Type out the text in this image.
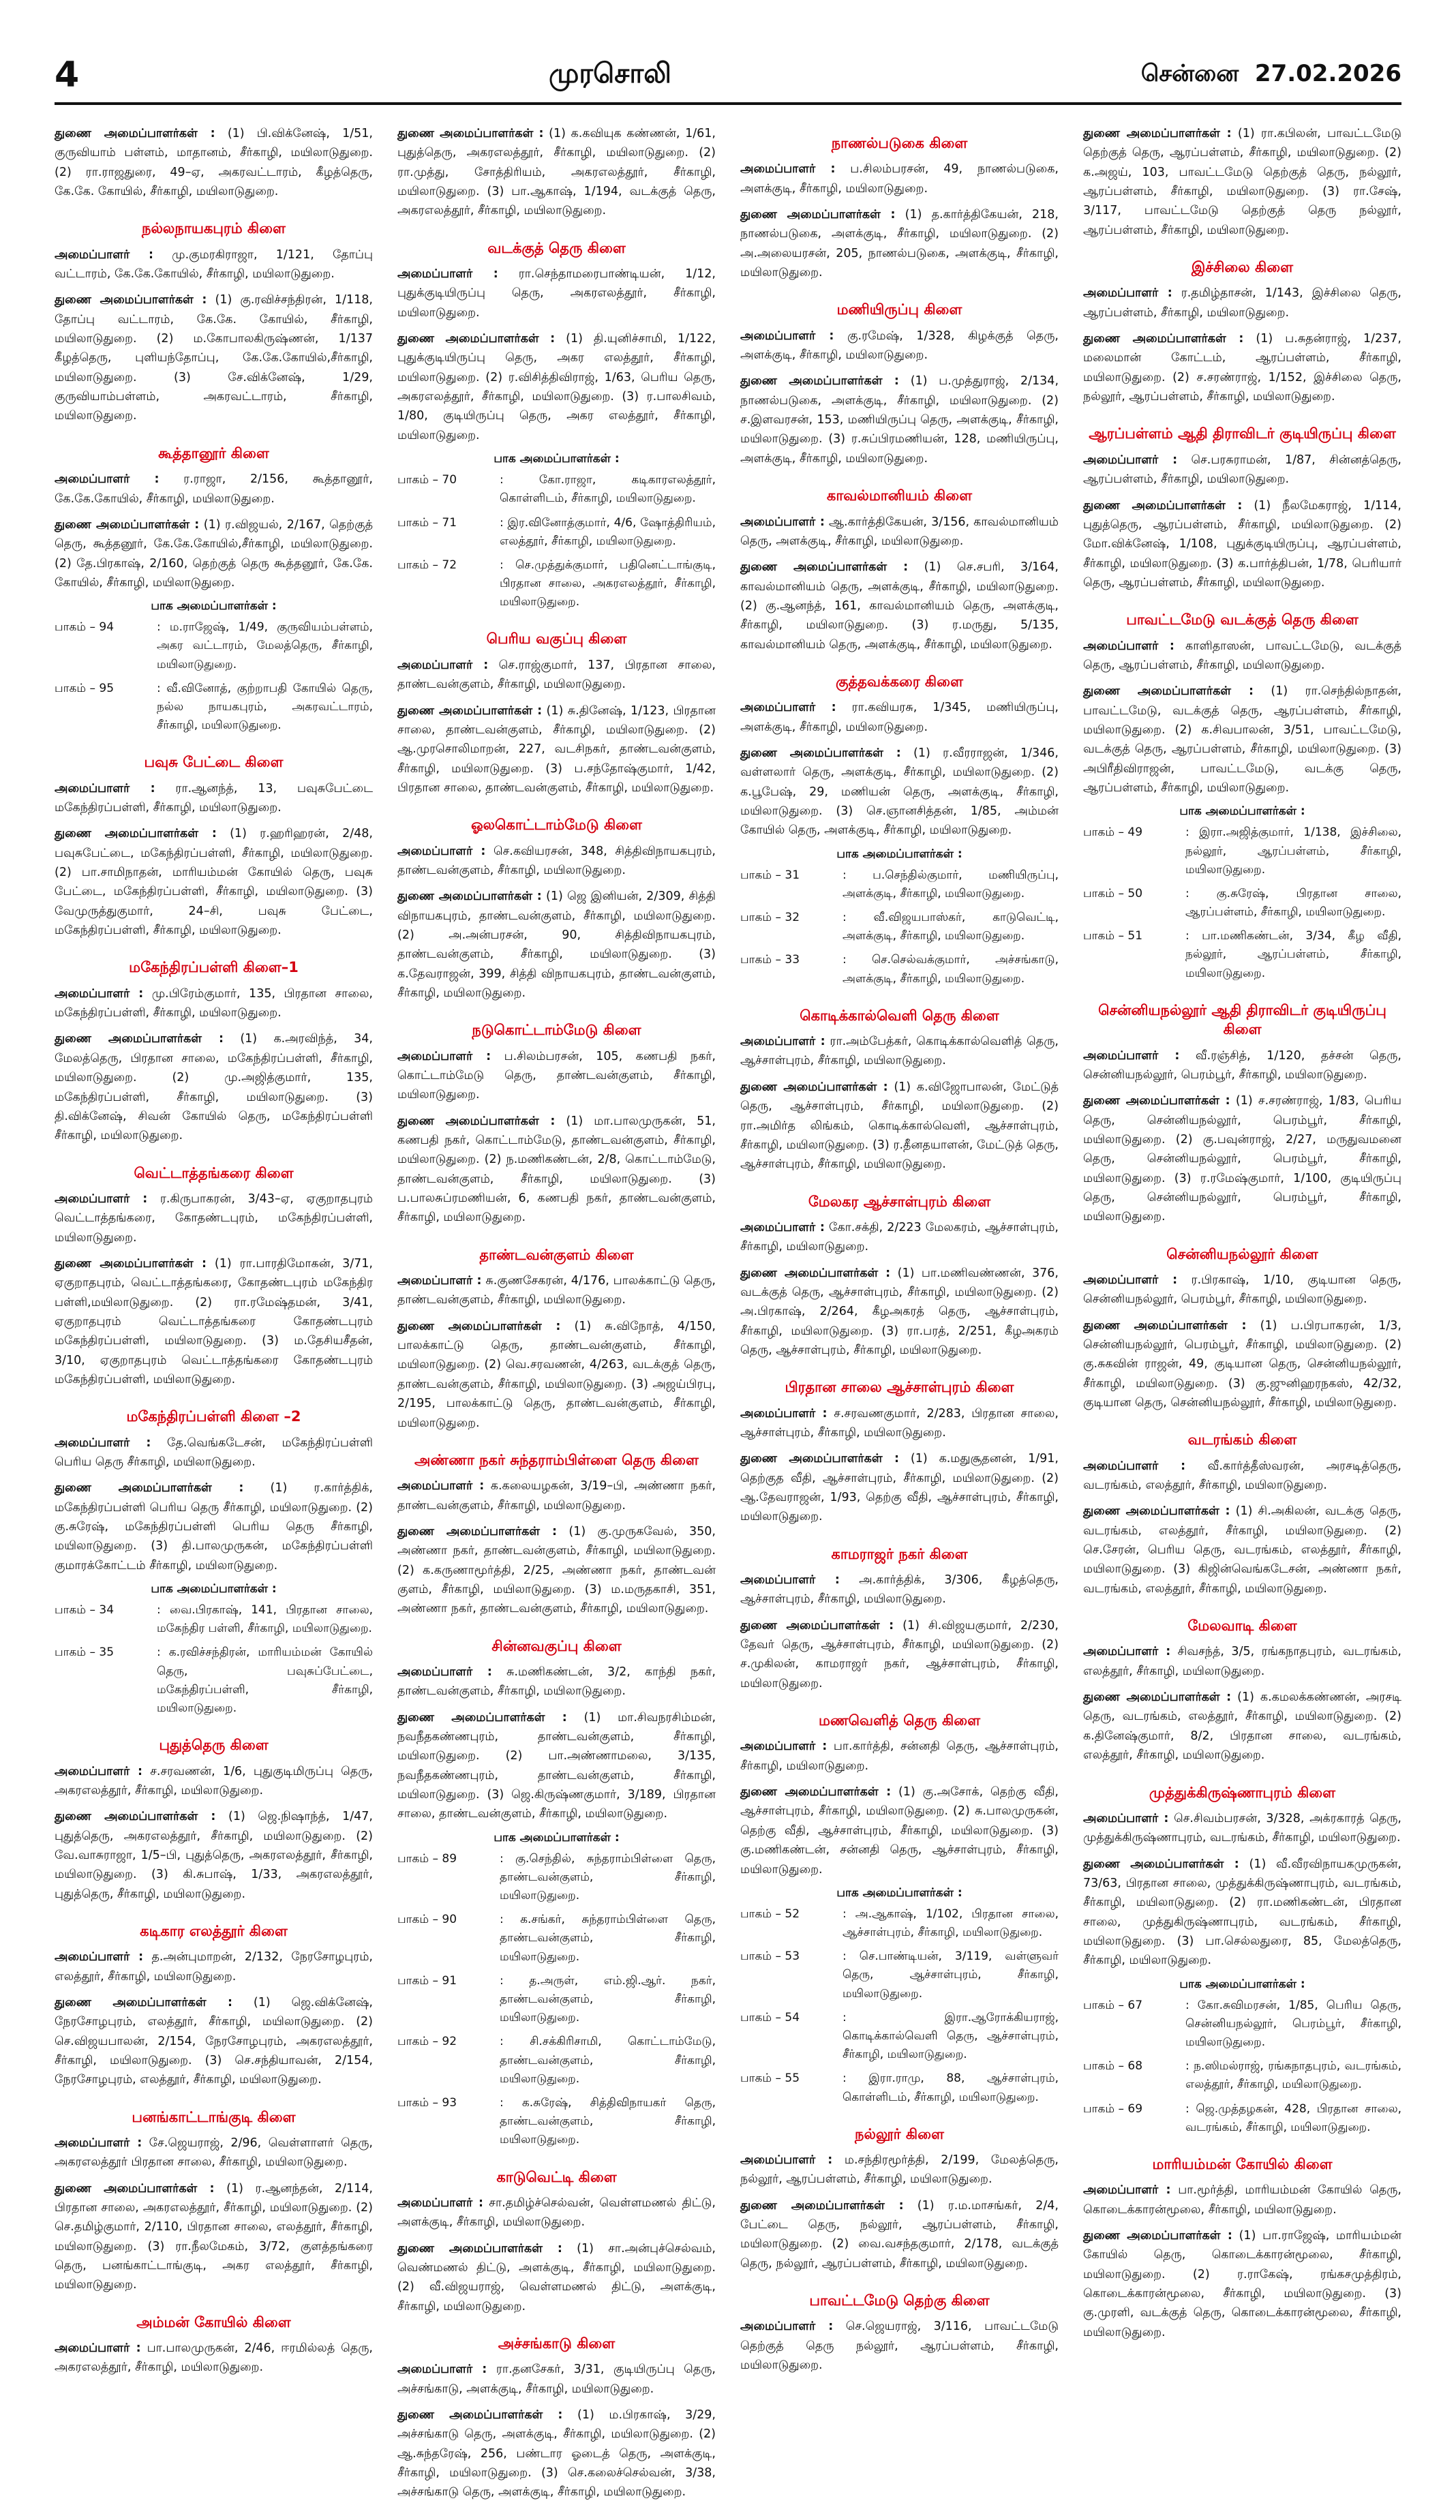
4	முரசொலி	சென்னை 27.02.2026
துணை அமைப்பாளர்கள் : (1) பி.விக்னேஷ், 1/51, குருவியாம் பள்ளம், மாதானம், சீர்காழி, மயிலாடுதுறை. (2) ரா.ராஜதுரை, 49–ஏ, அகரவட்டாரம், கீழத்தெரு, கே.கே. கோயில், சீர்காழி, மயிலாடுதுறை.
நல்லநாயகபுரம் கிளை
அமைப்பாளர் : மு.குமரகிராஜா, 1/121, தோப்பு வட்டாரம், கே.கே.கோயில், சீர்காழி, மயிலாடுதுறை.
துணை அமைப்பாளர்கள் : (1) கு.ரவிச்சந்திரன், 1/118, தோப்பு வட்டாரம், கே.கே. கோயில், சீர்காழி, மயிலாடுதுறை. (2) ம.கோபாலகிருஷ்ணன், 1/137 கீழத்தெரு, புளியந்தோப்பு, கே.கே.கோயில்,சீர்காழி, மயிலாடுதுறை. (3) சே.விக்னேஷ், 1/29, குருவியாம்பள்ளம், அகரவட்டாரம், சீர்காழி, மயிலாடுதுறை.
கூத்தானூர் கிளை
அமைப்பாளர் : ர.ராஜா, 2/156, கூத்தானூர், கே.கே.கோயில், சீர்காழி, மயிலாடுதுறை.
துணை அமைப்பாளர்கள் : (1) ர.விஜயல், 2/167, தெற்குத் தெரு, கூத்தனூர், கே.கே.கோயில்,சீர்காழி, மயிலாடுதுறை. (2) தே.பிரகாஷ், 2/160, தெற்குத் தெரு கூத்தனூர், கே.கே. கோயில், சீர்காழி, மயிலாடுதுறை.
பாக அமைப்பாளர்கள் :
பாகம் – 94	: ம.ராஜேஷ், 1/49, குருவியம்பள்ளம், அகர வட்டாரம், மேலத்தெரு, சீர்காழி, மயிலாடுதுறை.
பாகம் – 95	: வீ.வினோத், குற்றாபதி கோயில் தெரு, நல்ல நாயகபுரம், அகரவட்டாரம், சீர்காழி, மயிலாடுதுறை.
பவுசு பேட்டை கிளை
அமைப்பாளர் : ரா.ஆனந்த், 13, பவுசுபேட்டை மகேந்திரப்பள்ளி, சீர்காழி, மயிலாடுதுறை.
துணை அமைப்பாளர்கள் : (1) ர.ஹரிஹரன், 2/48, பவுசுபேட்டை, மகேந்திரப்பள்ளி, சீர்காழி, மயிலாடுதுறை. (2) பா.சாமிநாதன், மாரியம்மன் கோயில் தெரு, பவுசு பேட்டை, மகேந்திரப்பள்ளி, சீர்காழி, மயிலாடுதுறை. (3) வேமுருத்துகுமார், 24–சி, பவுசு பேட்டை, மகேந்திரப்பள்ளி, சீர்காழி, மயிலாடுதுறை.
மகேந்திரப்பள்ளி கிளை–1
அமைப்பாளர் : மு.பிரேம்குமார், 135, பிரதான சாலை, மகேந்திரப்பள்ளி, சீர்காழி, மயிலாடுதுறை.
துணை அமைப்பாளர்கள் : (1) க.அரவிந்த், 34, மேலத்தெரு, பிரதான சாலை, மகேந்திரப்பள்ளி, சீர்காழி, மயிலாடுதுறை. (2) மு.அஜித்குமார், 135, மகேந்திரப்பள்ளி, சீர்காழி, மயிலாடுதுறை. (3) தி.விக்னேஷ், சிவன் கோயில் தெரு, மகேந்திரப்பள்ளி சீர்காழி, மயிலாடுதுறை.
வெட்டாத்தங்கரை கிளை
அமைப்பாளர் : ர.கிருபாகரன், 3/43–ஏ, ஏகுறாதபுரம் வெட்டாத்தங்கரை, கோதண்டபுரம், மகேந்திரப்பள்ளி, மயிலாடுதுறை.
துணை அமைப்பாளர்கள் : (1) ரா.பாரதிமோகன், 3/71, ஏகுறாதபுரம், வெட்டாத்தங்கரை, கோதண்டபுரம் மகேந்திர பள்ளி,மயிலாடுதுறை. (2) ரா.ரமேஷ்தமன், 3/41, ஏகுறாதபுரம் வெட்டாத்தங்கரை கோதண்டபுரம் மகேந்திரப்பள்ளி, மயிலாடுதுறை. (3) ம.தேசியசீதன், 3/10, ஏகுறாதபுரம் வெட்டாத்தங்கரை கோதண்டபுரம் மகேந்திரப்பள்ளி, மயிலாடுதுறை.
மகேந்திரப்பள்ளி கிளை –2
அமைப்பாளர் : தே.வெங்கடேசன், மகேந்திரப்பள்ளி பெரிய தெரு சீர்காழி, மயிலாடுதுறை.
துணை அமைப்பாளர்கள் : (1) ர.கார்த்திக், மகேந்திரப்பள்ளி பெரிய தெரு சீர்காழி, மயிலாடுதுறை. (2) கு.சுரேஷ், மகேந்திரப்பள்ளி பெரிய தெரு சீர்காழி, மயிலாடுதுறை. (3) தி.பாலமுருகன், மகேந்திரப்பள்ளி குமாரக்கோட்டம் சீர்காழி, மயிலாடுதுறை.
பாக அமைப்பாளர்கள் :
பாகம் – 34	: வை.பிரகாஷ், 141, பிரதான சாலை, மகேந்திர பள்ளி, சீர்காழி, மயிலாடுதுறை.
பாகம் – 35	: க.ரவிச்சந்திரன், மாரியம்மன் கோயில் தெரு, பவுசுப்பேட்டை, மகேந்திரப்பள்ளி, சீர்காழி, மயிலாடுதுறை.
புதுத்தெரு கிளை
அமைப்பாளர் : ச.சரவணன், 1/6, புதுகுடிமிருப்பு தெரு, அகரஎலத்தூர், சீர்காழி, மயிலாடுதுறை.
துணை அமைப்பாளர்கள் : (1) ஜெ.நிஷாந்த், 1/47, புதுத்தெரு, அகரஎலத்தூர், சீர்காழி, மயிலாடுதுறை. (2) வே.வாசுராஜா, 1/5–பி, புதுத்தெரு, அகரஎலத்தூர், சீர்காழி, மயிலாடுதுறை. (3) கி.சுபாஷ், 1/33, அகரஎலத்தூர், புதுத்தெரு, சீர்காழி, மயிலாடுதுறை.
கடிகார எலத்தூர் கிளை
அமைப்பாளர் : த.அன்புமாறன், 2/132, நேரசோழபுரம், எலத்தூர், சீர்காழி, மயிலாடுதுறை.
துணை அமைப்பாளர்கள் : (1) ஜெ.விக்னேஷ், நேரசோழபுரம், எலத்தூர், சீர்காழி, மயிலாடுதுறை. (2) செ.விஜயபாலன், 2/154, நேரசோழபுரம், அகரஎலத்தூர், சீர்காழி, மயிலாடுதுறை. (3) செ.சந்தியாவன், 2/154, நேரசோழபுரம், எலத்தூர், சீர்காழி, மயிலாடுதுறை.
பனங்காட்டாங்குடி கிளை
அமைப்பாளர் : சே.ஜெயராஜ், 2/96, வெள்ளாளர் தெரு, அகரஎலத்தூர் பிரதான சாலை, சீர்காழி, மயிலாடுதுறை.
துணை அமைப்பாளர்கள் : (1) ர.ஆனந்தன், 2/114, பிரதான சாலை, அகரஎலத்தூர், சீர்காழி, மயிலாடுதுறை. (2) செ.தமிழ்குமார், 2/110, பிரதான சாலை, எலத்தூர், சீர்காழி, மயிலாடுதுறை. (3) ரா.நீலமேகம், 3/72, குளத்தங்கரை தெரு, பனங்காட்டாங்குடி, அகர எலத்தூர், சீர்காழி, மயிலாடுதுறை.
அம்மன் கோயில் கிளை
அமைப்பாளர் : பா.பாலமுருகன், 2/46, ஈரமில்லத் தெரு, அகரஎலத்தூர், சீர்காழி, மயிலாடுதுறை.
துணை அமைப்பாளர்கள் : (1) க.கவியுக கண்ணன், 1/61, புதுத்தெரு, அகரஎலத்தூர், சீர்காழி, மயிலாடுதுறை. (2) ரா.முத்து, சோத்திரியம், அகரஎலத்தூர், சீர்காழி, மயிலாடுதுறை. (3) பா.ஆகாஷ், 1/194, வடக்குத் தெரு, அகரஎலத்தூர், சீர்காழி, மயிலாடுதுறை.
வடக்குத் தெரு கிளை
அமைப்பாளர் : ரா.செந்தாமரைபாண்டியன், 1/12, புதுக்குடியிருப்பு தெரு, அகரஎலத்தூர், சீர்காழி, மயிலாடுதுறை.
துணை அமைப்பாளர்கள் : (1) தி.யுனிச்சாமி, 1/122, புதுக்குடியிருப்பு தெரு, அகர எலத்தூர், சீர்காழி, மயிலாடுதுறை. (2) ர.விசித்திவிராஜ், 1/63, பெரிய தெரு, அகரஎலத்தூர், சீர்காழி, மயிலாடுதுறை. (3) ர.பாலசிவம், 1/80, குடியிருப்பு தெரு, அகர எலத்தூர், சீர்காழி, மயிலாடுதுறை.
பாக அமைப்பாளர்கள் :
பாகம் – 70	: கோ.ராஜா, கடிகாரஎலத்தூர், கொள்ளிடம், சீர்காழி, மயிலாடுதுறை.
பாகம் – 71	: இர.வினோத்குமார், 4/6, ஷோத்திரியம், எலத்தூர், சீர்காழி, மயிலாடுதுறை.
பாகம் – 72	: செ.முத்துக்குமார், பதினெட்டாங்குடி, பிரதான சாலை, அகரஎலத்தூர், சீர்காழி, மயிலாடுதுறை.
பெரிய வகுப்பு கிளை
அமைப்பாளர் : செ.ராஜ்குமார், 137, பிரதான சாலை, தாண்டவன்குளம், சீர்காழி, மயிலாடுதுறை.
துணை அமைப்பாளர்கள் : (1) சு.தினேஷ், 1/123, பிரதான சாலை, தாண்டவன்குளம், சீர்காழி, மயிலாடுதுறை. (2) ஆ.முரசொலிமாறன், 227, வடசிநகர், தாண்டவன்குளம், சீர்காழி, மயிலாடுதுறை. (3) ப.சந்தோஷ்குமார், 1/42, பிரதான சாலை, தாண்டவன்குளம், சீர்காழி, மயிலாடுதுறை.
ஓலகொட்டாம்மேடு கிளை
அமைப்பாளர் : செ.கவியரசன், 348, சித்திவிநாயகபுரம், தாண்டவன்குளம், சீர்காழி, மயிலாடுதுறை.
துணை அமைப்பாளர்கள் : (1) ஜெ இனியன், 2/309, சித்தி விநாயகபுரம், தாண்டவன்குளம், சீர்காழி, மயிலாடுதுறை. (2) அ.அன்பரசன், 90, சித்திவிநாயகபுரம், தாண்டவன்குளம், சீர்காழி, மயிலாடுதுறை. (3) க.தேவராஜன், 399, சித்தி விநாயகபுரம், தாண்டவன்குளம், சீர்காழி, மயிலாடுதுறை.
நடுகொட்டாம்மேடு கிளை
அமைப்பாளர் : ப.சிலம்பரசன், 105, கணபதி நகர், கொட்டாம்மேடு தெரு, தாண்டவன்குளம், சீர்காழி, மயிலாடுதுறை.
துணை அமைப்பாளர்கள் : (1) மா.பாலமுருகன், 51, கணபதி நகர், கொட்டாம்மேடு, தாண்டவன்குளம், சீர்காழி, மயிலாடுதுறை. (2) ந.மணிகண்டன், 2/8, கொட்டாம்மேடு, தாண்டவன்குளம், சீர்காழி, மயிலாடுதுறை. (3) ப.பாலசுப்ரமணியன், 6, கணபதி நகர், தாண்டவன்குளம், சீர்காழி, மயிலாடுதுறை.
தாண்டவன்குளம் கிளை
அமைப்பாளர் : சு.குணசேகரன், 4/176, பாலக்காட்டு தெரு, தாண்டவன்குளம், சீர்காழி, மயிலாடுதுறை.
துணை அமைப்பாளர்கள் : (1) சு.விநோத், 4/150, பாலக்காட்டு தெரு, தாண்டவன்குளம், சீர்காழி, மயிலாடுதுறை. (2) வெ.சரவணன், 4/263, வடக்குத் தெரு, தாண்டவன்குளம், சீர்காழி, மயிலாடுதுறை. (3) அஜய்பிரபு, 2/195, பாலக்காட்டு தெரு, தாண்டவன்குளம், சீர்காழி, மயிலாடுதுறை.
அண்ணா நகர் சுந்தராம்பிள்ளை தெரு கிளை
அமைப்பாளர் : க.கலையழகன், 3/19–பி, அண்ணா நகர், தாண்டவன்குளம், சீர்காழி, மயிலாடுதுறை.
துணை அமைப்பாளர்கள் : (1) கு.முருகவேல், 350, அண்ணா நகர், தாண்டவன்குளம், சீர்காழி, மயிலாடுதுறை. (2) க.கருணாமூர்த்தி, 2/25, அண்ணா நகர், தாண்டவன் குளம், சீர்காழி, மயிலாடுதுறை. (3) ம.மருதகாசி, 351, அண்ணா நகர், தாண்டவன்குளம், சீர்காழி, மயிலாடுதுறை.
சின்னவகுப்பு கிளை
அமைப்பாளர் : சு.மணிகண்டன், 3/2, காந்தி நகர், தாண்டவன்குளம், சீர்காழி, மயிலாடுதுறை.
துணை அமைப்பாளர்கள் : (1) மா.சிவநரசிம்மன், நவநீதகண்ணபுரம், தாண்டவன்குளம், சீர்காழி, மயிலாடுதுறை. (2) பா.அண்ணாமலை, 3/135, நவநீதகண்ணபுரம், தாண்டவன்குளம், சீர்காழி, மயிலாடுதுறை. (3) ஜெ.கிருஷ்ணகுமார், 3/189, பிரதான சாலை, தாண்டவன்குளம், சீர்காழி, மயிலாடுதுறை.
பாக அமைப்பாளர்கள் :
பாகம் – 89	: கு.செந்தில், சுந்தராம்பிள்ளை தெரு, தாண்டவன்குளம், சீர்காழி, மயிலாடுதுறை.
பாகம் – 90	: க.சங்கர், சுந்தராம்பிள்ளை தெரு, தாண்டவன்குளம், சீர்காழி, மயிலாடுதுறை.
பாகம் – 91	: த.அருள், எம்.ஜி.ஆர். நகர், தாண்டவன்குளம், சீர்காழி, மயிலாடுதுறை.
பாகம் – 92	: சி.சக்கிரிசாமி, கொட்டாம்மேடு, தாண்டவன்குளம், சீர்காழி, மயிலாடுதுறை.
பாகம் – 93	: க.சுரேஷ், சித்திவிநாயகர் தெரு, தாண்டவன்குளம், சீர்காழி, மயிலாடுதுறை.
காடுவெட்டி கிளை
அமைப்பாளர் : சா.தமிழ்ச்செல்வன், வெள்ளமணல் திட்டு, அளக்குடி, சீர்காழி, மயிலாடுதுறை.
துணை அமைப்பாளர்கள் : (1) சா.அன்புச்செல்வம், வெண்மணல் திட்டு, அளக்குடி, சீர்காழி, மயிலாடுதுறை. (2) வீ.விஜயராஜ், வெள்ளமணல் திட்டு, அளக்குடி, சீர்காழி, மயிலாடுதுறை.
அச்சங்காடு கிளை
அமைப்பாளர் : ரா.தனசேகர், 3/31, குடியிருப்பு தெரு, அச்சங்காடு, அளக்குடி, சீர்காழி, மயிலாடுதுறை.
துணை அமைப்பாளர்கள் : (1) ம.பிரகாஷ், 3/29, அச்சங்காடு தெரு, அளக்குடி, சீர்காழி, மயிலாடுதுறை. (2) ஆ.சுந்தரேஷ், 256, பண்டார ஓடைத் தெரு, அளக்குடி, சீர்காழி, மயிலாடுதுறை. (3) செ.கலைச்செல்வன், 3/38, அச்சங்காடு தெரு, அளக்குடி, சீர்காழி, மயிலாடுதுறை.
நாணல்படுகை கிளை
அமைப்பாளர் : ப.சிலம்பரசன், 49, நாணல்படுகை, அளக்குடி, சீர்காழி, மயிலாடுதுறை.
துணை அமைப்பாளர்கள் : (1) த.கார்த்திகேயன், 218, நாணல்படுகை, அளக்குடி, சீர்காழி, மயிலாடுதுறை. (2) அ.அலையரசன், 205, நாணல்படுகை, அளக்குடி, சீர்காழி, மயிலாடுதுறை.
மணியிருப்பு கிளை
அமைப்பாளர் : கு.ரமேஷ், 1/328, கிழக்குத் தெரு, அளக்குடி, சீர்காழி, மயிலாடுதுறை.
துணை அமைப்பாளர்கள் : (1) ப.முத்துராஜ், 2/134, நாணல்படுகை, அளக்குடி, சீர்காழி, மயிலாடுதுறை. (2) ச.இளவரசன், 153, மணியிருப்பு தெரு, அளக்குடி, சீர்காழி, மயிலாடுதுறை. (3) ர.சுப்பிரமணியன், 128, மணியிருப்பு, அளக்குடி, சீர்காழி, மயிலாடுதுறை.
காவல்மானியம் கிளை
அமைப்பாளர் : ஆ.கார்த்திகேயன், 3/156, காவல்மானியம் தெரு, அளக்குடி, சீர்காழி, மயிலாடுதுறை.
துணை அமைப்பாளர்கள் : (1) செ.சபரி, 3/164, காவல்மானியம் தெரு, அளக்குடி, சீர்காழி, மயிலாடுதுறை. (2) கு.ஆனந்த், 161, காவல்மானியம் தெரு, அளக்குடி, சீர்காழி, மயிலாடுதுறை. (3) ர.மருது, 5/135, காவல்மானியம் தெரு, அளக்குடி, சீர்காழி, மயிலாடுதுறை.
குத்தவக்கரை கிளை
அமைப்பாளர் : ரா.கவியரசு, 1/345, மணியிருப்பு, அளக்குடி, சீர்காழி, மயிலாடுதுறை.
துணை அமைப்பாளர்கள் : (1) ர.வீரராஜன், 1/346, வள்ளலார் தெரு, அளக்குடி, சீர்காழி, மயிலாடுதுறை. (2) க.பூபேஷ், 29, மணியன் தெரு, அளக்குடி, சீர்காழி, மயிலாடுதுறை. (3) செ.ஞானசித்தன், 1/85, அம்மன் கோயில் தெரு, அளக்குடி, சீர்காழி, மயிலாடுதுறை.
பாக அமைப்பாளர்கள் :
பாகம் – 31	: ப.செந்தில்குமார், மணியிருப்பு, அளக்குடி, சீர்காழி, மயிலாடுதுறை.
பாகம் – 32	: வீ.விஜயபாஸ்கர், காடுவெட்டி, அளக்குடி, சீர்காழி, மயிலாடுதுறை.
பாகம் – 33	: செ.செல்வக்குமார், அச்சங்காடு, அளக்குடி, சீர்காழி, மயிலாடுதுறை.
கொடிக்கால்வெளி தெரு கிளை
அமைப்பாளர் : ரா.அம்பேத்கர், கொடிக்கால்வெளித் தெரு, ஆச்சாள்புரம், சீர்காழி, மயிலாடுதுறை.
துணை அமைப்பாளர்கள் : (1) க.விஜோபாலன், மேட்டுத் தெரு, ஆச்சாள்புரம், சீர்காழி, மயிலாடுதுறை. (2) ரா.அமிர்த லிங்கம், கொடிக்கால்வெளி, ஆச்சாள்புரம், சீர்காழி, மயிலாடுதுறை. (3) ர.தீனதயாளன், மேட்டுத் தெரு, ஆச்சாள்புரம், சீர்காழி, மயிலாடுதுறை.
மேலகர ஆச்சாள்புரம் கிளை
அமைப்பாளர் : கோ.சக்தி, 2/223 மேலகரம், ஆச்சாள்புரம், சீர்காழி, மயிலாடுதுறை.
துணை அமைப்பாளர்கள் : (1) பா.மணிவண்ணன், 376, வடக்குத் தெரு, ஆச்சாள்புரம், சீர்காழி, மயிலாடுதுறை. (2) அ.பிரகாஷ், 2/264, கீழஅகரத் தெரு, ஆச்சாள்புரம், சீர்காழி, மயிலாடுதுறை. (3) ரா.பரத், 2/251, கீழஅகரம் தெரு, ஆச்சாள்புரம், சீர்காழி, மயிலாடுதுறை.
பிரதான சாலை ஆச்சாள்புரம் கிளை
அமைப்பாளர் : ச.சரவணகுமார், 2/283, பிரதான சாலை, ஆச்சாள்புரம், சீர்காழி, மயிலாடுதுறை.
துணை அமைப்பாளர்கள் : (1) க.மதுசூதனன், 1/91, தெற்குத வீதி, ஆச்சாள்புரம், சீர்காழி, மயிலாடுதுறை. (2) ஆ.தேவராஜன், 1/93, தெற்கு வீதி, ஆச்சாள்புரம், சீர்காழி, மயிலாடுதுறை.
காமராஜர் நகர் கிளை
அமைப்பாளர் : அ.கார்த்திக், 3/306, கீழத்தெரு, ஆச்சாள்புரம், சீர்காழி, மயிலாடுதுறை.
துணை அமைப்பாளர்கள் : (1) சி.விஜயகுமார், 2/230, தேவர் தெரு, ஆச்சாள்புரம், சீர்காழி, மயிலாடுதுறை. (2) ச.முகிலன், காமராஜர் நகர், ஆச்சாள்புரம், சீர்காழி, மயிலாடுதுறை.
மணவெளித் தெரு கிளை
அமைப்பாளர் : பா.கார்த்தி, சன்னதி தெரு, ஆச்சாள்புரம், சீர்காழி, மயிலாடுதுறை.
துணை அமைப்பாளர்கள் : (1) கு.அசோக், தெற்கு வீதி, ஆச்சாள்புரம், சீர்காழி, மயிலாடுதுறை. (2) சு.பாலமுருகன், தெற்கு வீதி, ஆச்சாள்புரம், சீர்காழி, மயிலாடுதுறை. (3) கு.மணிகண்டன், சன்னதி தெரு, ஆச்சாள்புரம், சீர்காழி, மயிலாடுதுறை.
பாக அமைப்பாளர்கள் :
பாகம் – 52	: அ.ஆகாஷ், 1/102, பிரதான சாலை, ஆச்சாள்புரம், சீர்காழி, மயிலாடுதுறை.
பாகம் – 53	: செ.பாண்டியன், 3/119, வள்ளுவர் தெரு, ஆச்சாள்புரம், சீர்காழி, மயிலாடுதுறை.
பாகம் – 54	: இரா.ஆரோக்கியராஜ், கொடிக்கால்வெளி தெரு, ஆச்சாள்புரம், சீர்காழி, மயிலாடுதுறை.
பாகம் – 55	: இரா.ராமு, 88, ஆச்சாள்புரம், கொள்ளிடம், சீர்காழி, மயிலாடுதுறை.
நல்லூர் கிளை
அமைப்பாளர் : ம.சந்திரமூர்த்தி, 2/199, மேலத்தெரு, நல்லூர், ஆரப்பள்ளம், சீர்காழி, மயிலாடுதுறை.
துணை அமைப்பாளர்கள் : (1) ர.ம.மாசங்கர், 2/4, பேட்டை தெரு, நல்லூர், ஆரப்பள்ளம், சீர்காழி, மயிலாடுதுறை. (2) வை.வசந்தகுமார், 2/178, வடக்குத் தெரு, நல்லூர், ஆரப்பள்ளம், சீர்காழி, மயிலாடுதுறை.
பாவட்டமேடு தெற்கு கிளை
அமைப்பாளர் : செ.ஜெயராஜ், 3/116, பாவட்டமேடு தெற்குத் தெரு நல்லூர், ஆரப்பள்ளம், சீர்காழி, மயிலாடுதுறை.
துணை அமைப்பாளர்கள் : (1) ரா.கபிலன், பாவட்டமேடு தெற்குத் தெரு, ஆரப்பள்ளம், சீர்காழி, மயிலாடுதுறை. (2) க.அஜய், 103, பாவட்டமேடு தெற்குத் தெரு, நல்லூர், ஆரப்பள்ளம், சீர்காழி, மயிலாடுதுறை. (3) ரா.சேஷ், 3/117, பாவட்டமேடு தெற்குத் தெரு நல்லூர், ஆரப்பள்ளம், சீர்காழி, மயிலாடுதுறை.
இச்சிலை கிளை
அமைப்பாளர் : ர.தமிழ்தாசன், 1/143, இச்சிலை தெரு, ஆரப்பள்ளம், சீர்காழி, மயிலாடுதுறை.
துணை அமைப்பாளர்கள் : (1) ப.சுதன்ராஜ், 1/237, மலைமான் கோட்டம், ஆரப்பள்ளம், சீர்காழி, மயிலாடுதுறை. (2) ச.சரண்ராஜ், 1/152, இச்சிலை தெரு, நல்லூர், ஆரப்பள்ளம், சீர்காழி, மயிலாடுதுறை.
ஆரப்பள்ளம் ஆதி திராவிடர் குடியிருப்பு கிளை
அமைப்பாளர் : செ.பரசுராமன், 1/87, சின்னத்தெரு, ஆரப்பள்ளம், சீர்காழி, மயிலாடுதுறை.
துணை அமைப்பாளர்கள் : (1) நீலமேகராஜ், 1/114, புதுத்தெரு, ஆரப்பள்ளம், சீர்காழி, மயிலாடுதுறை. (2) மோ.விக்னேஷ், 1/108, புதுக்குடியிருப்பு, ஆரப்பள்ளம், சீர்காழி, மயிலாடுதுறை. (3) க.பார்த்திபன், 1/78, பெரியார் தெரு, ஆரப்பள்ளம், சீர்காழி, மயிலாடுதுறை.
பாவட்டமேடு வடக்குத் தெரு கிளை
அமைப்பாளர் : காளிதாஸன், பாவட்டமேடு, வடக்குத் தெரு, ஆரப்பள்ளம், சீர்காழி, மயிலாடுதுறை.
துணை அமைப்பாளர்கள் : (1) ரா.செந்தில்நாதன், பாவட்டமேடு, வடக்குத் தெரு, ஆரப்பள்ளம், சீர்காழி, மயிலாடுதுறை. (2) க.சிவபாலன், 3/51, பாவட்டமேடு, வடக்குத் தெரு, ஆரப்பள்ளம், சீர்காழி, மயிலாடுதுறை. (3) அபிரீதிவிராஜன், பாவட்டமேடு, வடக்கு தெரு, ஆரப்பள்ளம், சீர்காழி, மயிலாடுதுறை.
பாக அமைப்பாளர்கள் :
பாகம் – 49	: இரா.அஜித்குமார், 1/138, இச்சிலை, நல்லூர், ஆரப்பள்ளம், சீர்காழி, மயிலாடுதுறை.
பாகம் – 50	: கு.சுரேஷ், பிரதான சாலை, ஆரப்பள்ளம், சீர்காழி, மயிலாடுதுறை.
பாகம் – 51	: பா.மணிகண்டன், 3/34, கீழ வீதி, நல்லூர், ஆரப்பள்ளம், சீர்காழி, மயிலாடுதுறை.
சென்னியநல்லூர் ஆதி திராவிடர் குடியிருப்பு கிளை
அமைப்பாளர் : வீ.ரஞ்சித், 1/120, தச்சன் தெரு, சென்னியநல்லூர், பெரம்பூர், சீர்காழி, மயிலாடுதுறை.
துணை அமைப்பாளர்கள் : (1) ச.சரண்ராஜ், 1/83, பெரிய தெரு, சென்னியநல்லூர், பெரம்பூர், சீர்காழி, மயிலாடுதுறை. (2) கு.பவுன்ராஜ், 2/27, மருதுவமனை தெரு, சென்னியநல்லூர், பெரம்பூர், சீர்காழி, மயிலாடுதுறை. (3) ர.ரமேஷ்குமார், 1/100, குடியிருப்பு தெரு, சென்னியநல்லூர், பெரம்பூர், சீர்காழி, மயிலாடுதுறை.
சென்னியநல்லூர் கிளை
அமைப்பாளர் : ர.பிரகாஷ், 1/10, குடியான தெரு, சென்னியநல்லூர், பெரம்பூர், சீர்காழி, மயிலாடுதுறை.
துணை அமைப்பாளர்கள் : (1) ப.பிரபாகரன், 1/3, சென்னியநல்லூர், பெரம்பூர், சீர்காழி, மயிலாடுதுறை. (2) கு.சுகவின் ராஜன், 49, குடியான தெரு, சென்னியநல்லூர், சீர்காழி, மயிலாடுதுறை. (3) கு.ஜுனிஹரநகஸ், 42/32, குடியான தெரு, சென்னியநல்லூர், சீர்காழி, மயிலாடுதுறை.
வடரங்கம் கிளை
அமைப்பாளர் : வீ.கார்த்தீஸ்வரன், அரசடித்தெரு, வடரங்கம், எலத்தூர், சீர்காழி, மயிலாடுதுறை.
துணை அமைப்பாளர்கள் : (1) சி.அகிலன், வடக்கு தெரு, வடரங்கம், எலத்தூர், சீர்காழி, மயிலாடுதுறை. (2) செ.சேரன், பெரிய தெரு, வடரங்கம், எலத்தூர், சீர்காழி, மயிலாடுதுறை. (3) கிஜின்வெங்கடேசன், அண்ணா நகர், வடரங்கம், எலத்தூர், சீர்காழி, மயிலாடுதுறை.
மேலவாடி கிளை
அமைப்பாளர் : சிவசந்த், 3/5, ரங்கநாதபுரம், வடரங்கம், எலத்தூர், சீர்காழி, மயிலாடுதுறை.
துணை அமைப்பாளர்கள் : (1) க.கமலக்கண்ணன், அரசடி தெரு, வடரங்கம், எலத்தூர், சீர்காழி, மயிலாடுதுறை. (2) க.தினேஷ்குமார், 8/2, பிரதான சாலை, வடரங்கம், எலத்தூர், சீர்காழி, மயிலாடுதுறை.
முத்துக்கிருஷ்ணாபுரம் கிளை
அமைப்பாளர் : செ.சிவம்பரசன், 3/328, அக்ரகாரத் தெரு, முத்துக்கிருஷ்ணாபுரம், வடரங்கம், சீர்காழி, மயிலாடுதுறை.
துணை அமைப்பாளர்கள் : (1) வீ.வீரவிநாயகமுருகன், 73/63, பிரதான சாலை, முத்துக்கிருஷ்ணாபுரம், வடரங்கம், சீர்காழி, மயிலாடுதுறை. (2) ரா.மணிகண்டன், பிரதான சாலை, முத்துகிருஷ்ணாபுரம், வடரங்கம், சீர்காழி, மயிலாடுதுறை. (3) பா.செல்லதுரை, 85, மேலத்தெரு, சீர்காழி, மயிலாடுதுறை.
பாக அமைப்பாளர்கள் :
பாகம் – 67	: கோ.சுவிமரசன், 1/85, பெரிய தெரு, சென்னியநல்லூர், பெரம்பூர், சீர்காழி, மயிலாடுதுறை.
பாகம் – 68	: ந.ஸிமல்ராஜ், ரங்கநாதபுரம், வடரங்கம், எலத்தூர், சீர்காழி, மயிலாடுதுறை.
பாகம் – 69	: ஜெ.முத்தழகன், 428, பிரதான சாலை, வடரங்கம், சீர்காழி, மயிலாடுதுறை.
மாரியம்மன் கோயில் கிளை
அமைப்பாளர் : பா.மூர்த்தி, மாரியம்மன் கோயில் தெரு, கொடைக்காரன்மூலை, சீர்காழி, மயிலாடுதுறை.
துணை அமைப்பாளர்கள் : (1) பா.ராஜேஷ், மாரியம்மன் கோயில் தெரு, கொடைக்காரன்மூலை, சீர்காழி, மயிலாடுதுறை. (2) ர.ராகேஷ், ரங்கசமுத்திரம், கொடைக்காரன்மூலை, சீர்காழி, மயிலாடுதுறை. (3) கு.முரளி, வடக்குத் தெரு, கொடைக்காரன்மூலை, சீர்காழி, மயிலாடுதுறை.
